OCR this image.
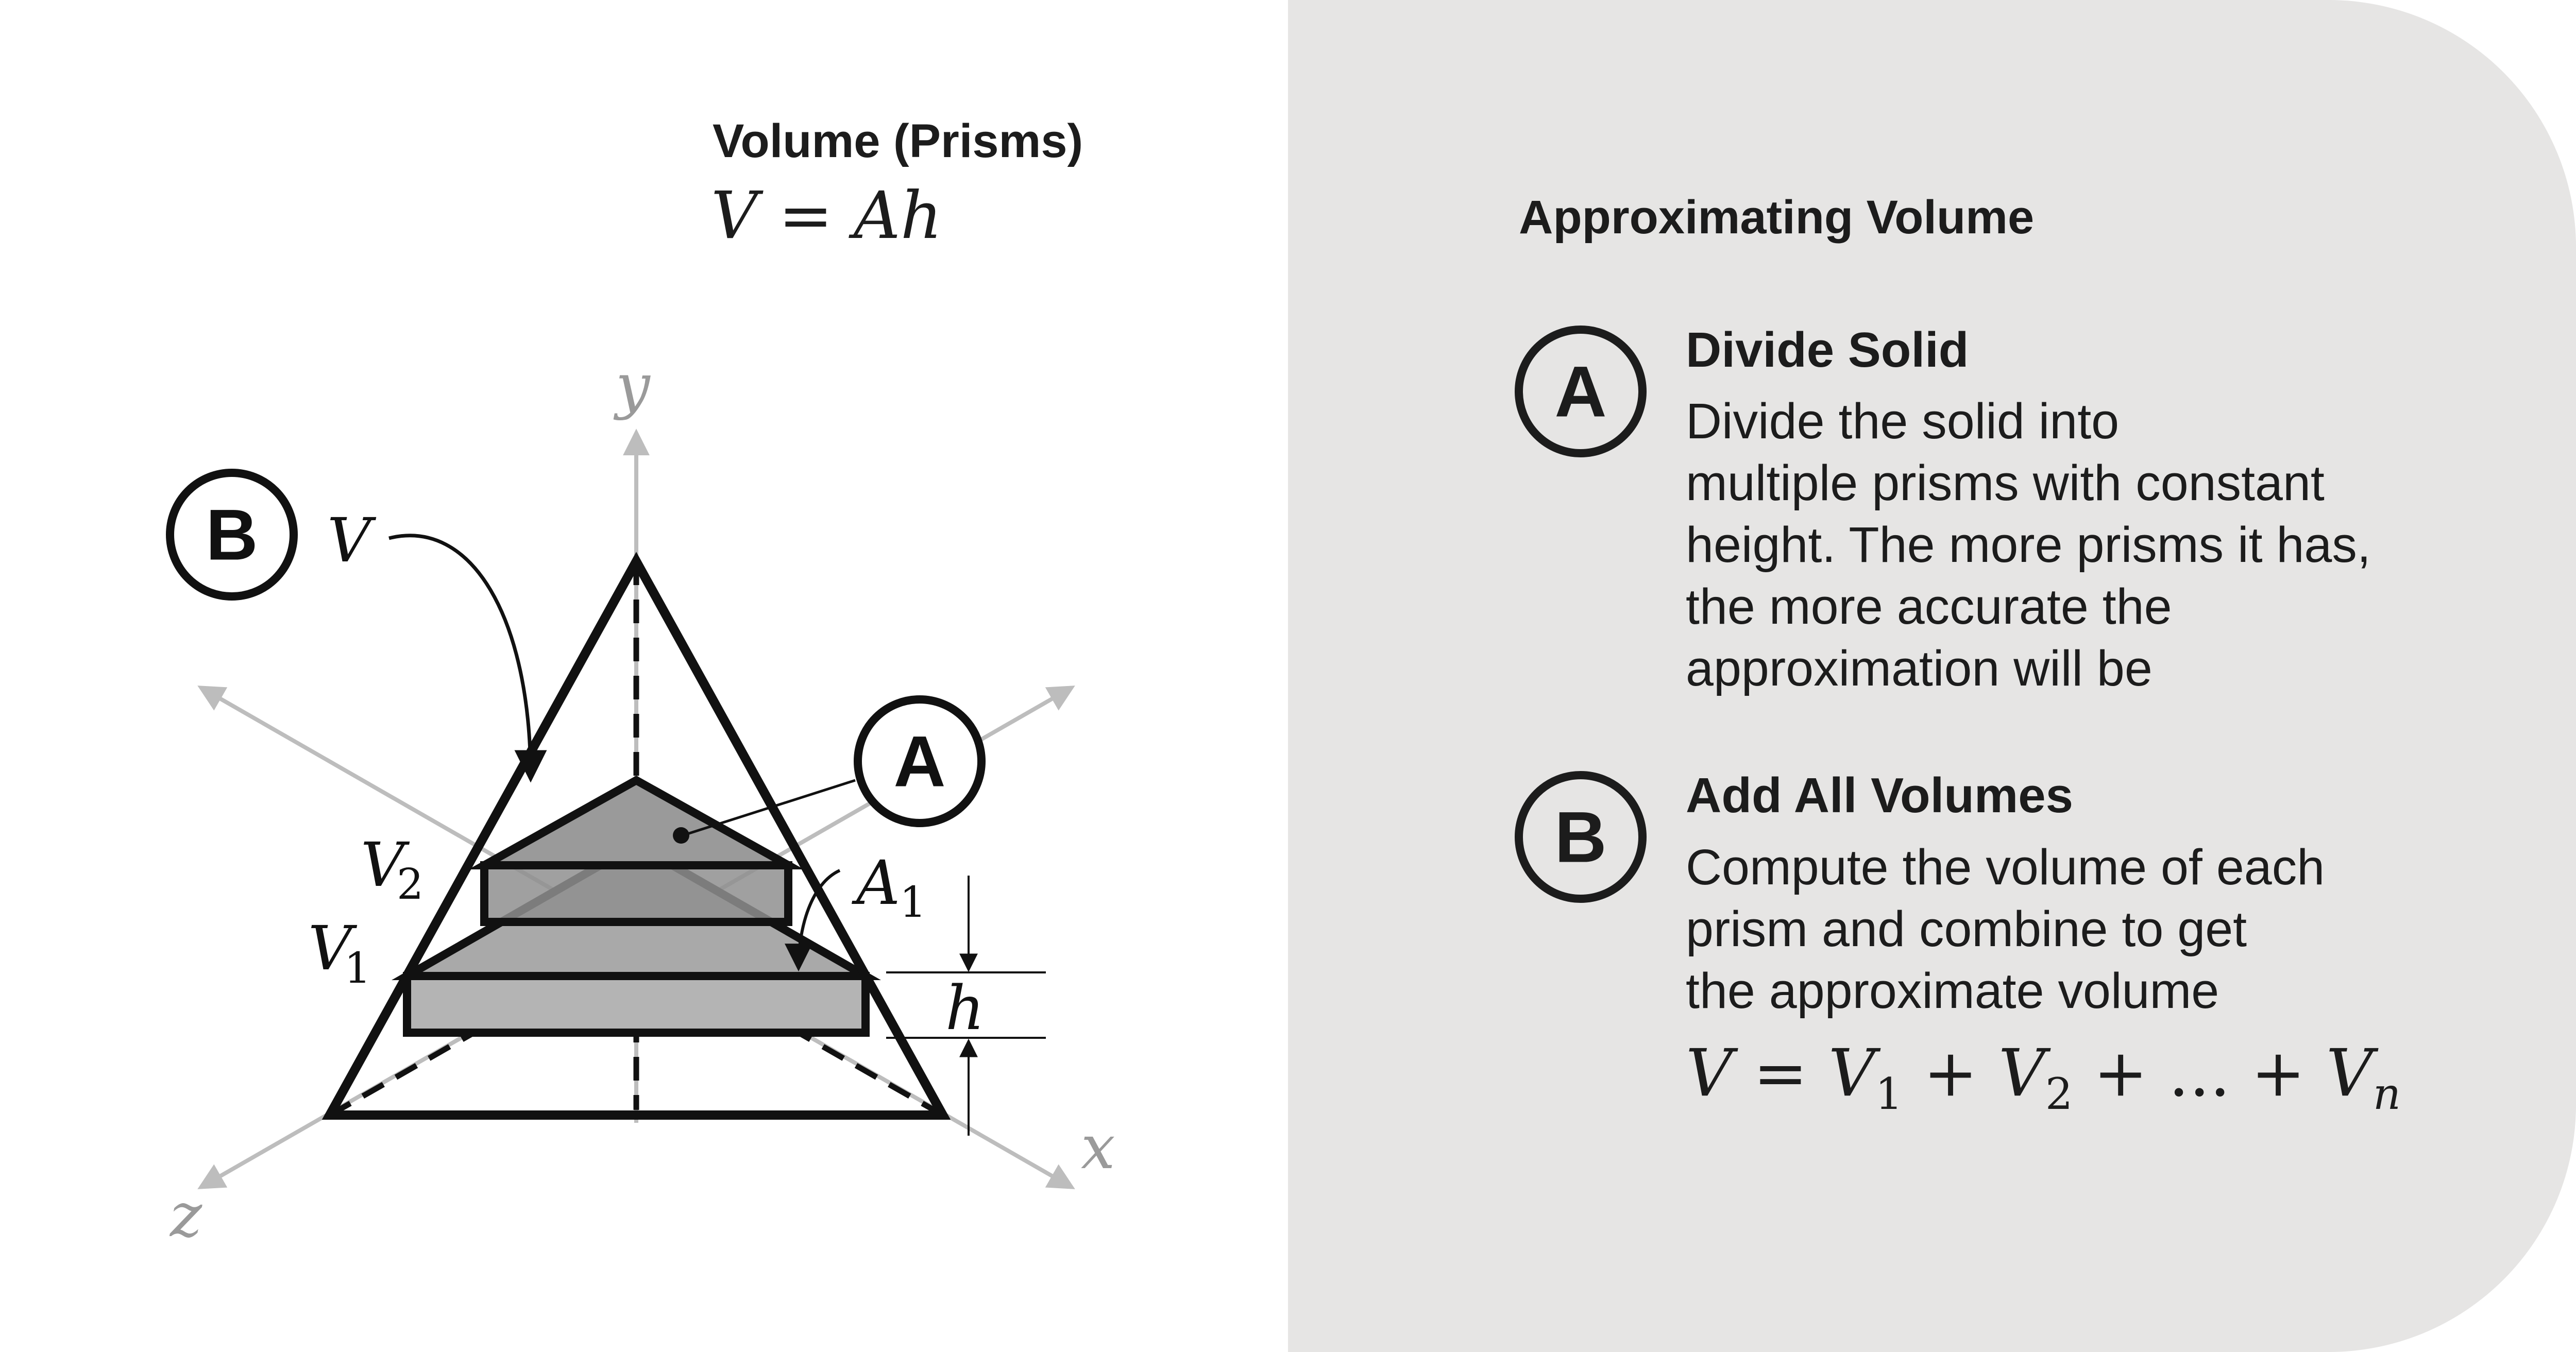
A
B V
V
2
V
1
A
1
h
y
x
z
Volume (Prisms)
V = Ah	Approximating Volume
A
Divide Solid
Divide the solid into
multiple prisms with constant
height. The more prisms it has,
the more accurate the
approximation will be
B
Add All Volumes
Compute the volume of each
prism and combine to get
the approximate volume
$V = V_1 + V_2$ + ... + $V_n$
